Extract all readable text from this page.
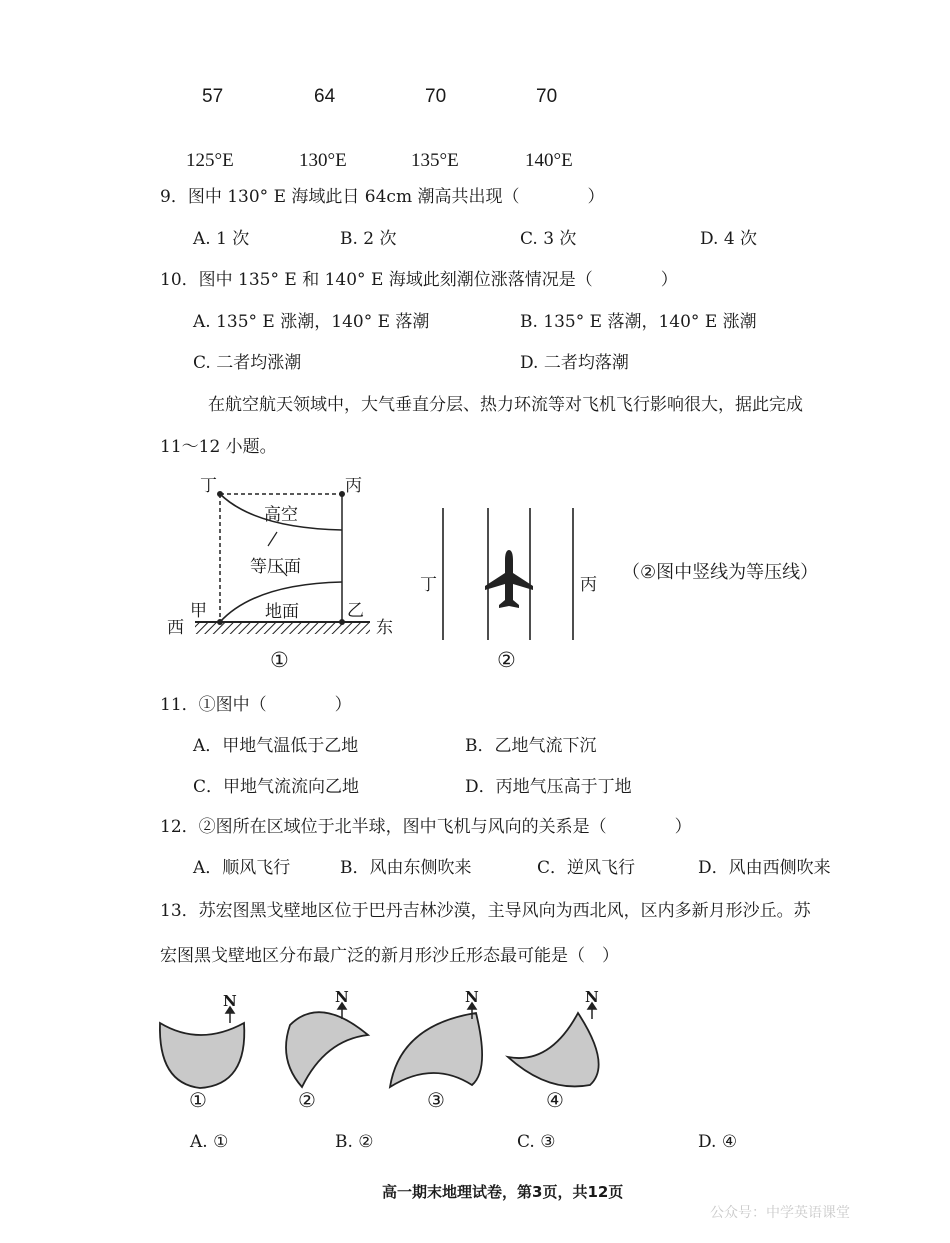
57	64	70	70
125°E	130°E	135°E	140°E
9．图中 130° E 海域此日 64cm 潮高共出现（　　　　）
A. 1 次	B. 2 次	C. 3 次	D. 4 次
10．图中 135° E 和 140° E 海域此刻潮位涨落情况是（　　　　）
A. 135° E 涨潮，140° E 落潮	B. 135° E 落潮，140° E 涨潮
C. 二者均涨潮	D. 二者均落潮
在航空航天领域中，大气垂直分层、热力环流等对飞机飞行影响很大，据此完成
11～12 小题。
丁	丙
高空
等压面
地面
甲	乙
西	东
①
丁	丙
（②图中竖线为等压线）
②
11．①图中（　　　　）
A．甲地气温低于乙地	B．乙地气流下沉
C．甲地气流流向乙地	D．丙地气压高于丁地
12．②图所在区域位于北半球，图中飞机与风向的关系是（　　　　）
A．顺风飞行	B．风由东侧吹来	C．逆风飞行	D．风由西侧吹来
13．苏宏图黑戈壁地区位于巴丹吉林沙漠，主导风向为西北风，区内多新月形沙丘。苏
宏图黑戈壁地区分布最广泛的新月形沙丘形态最可能是（　）
N	N	N	N
①	②	③	④
A. ①	B. ②	C. ③	D. ④
高一期末地理试卷，第3页，共12页
公众号：中学英语课堂
